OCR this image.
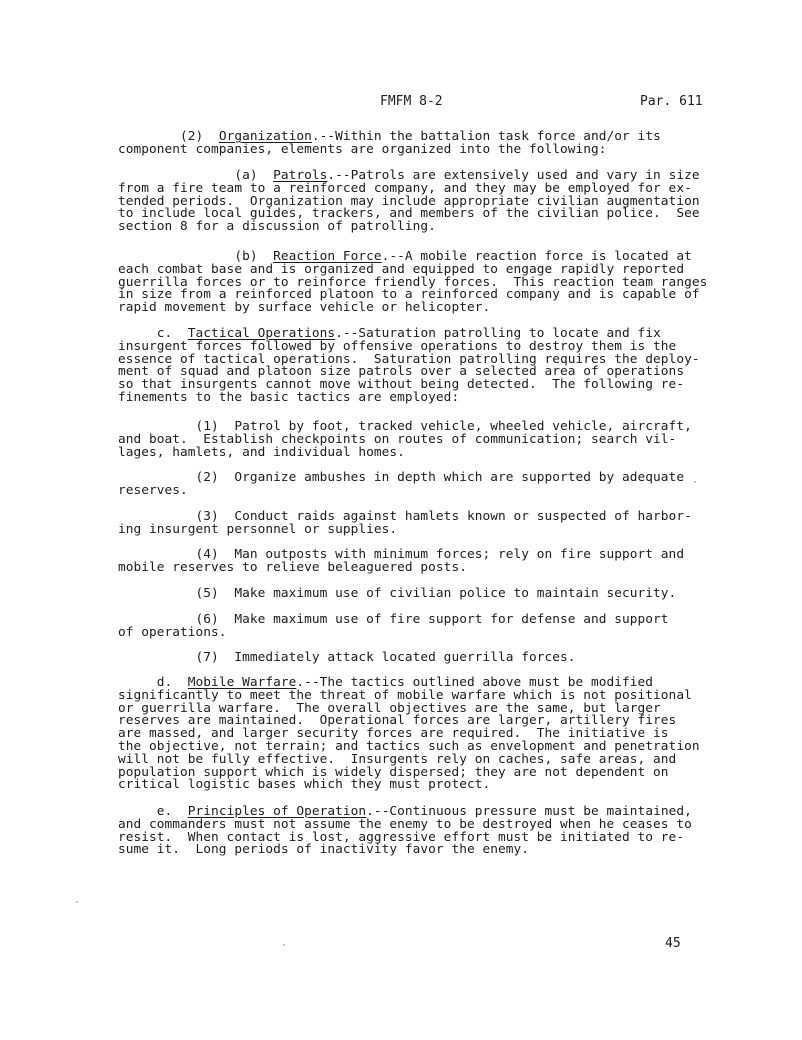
FMFM 8-2	Par. 611
(2)  Organization.--Within the battalion task force and/or its
component companies, elements are organized into the following:
(a)  Patrols.--Patrols are extensively used and vary in size
from a fire team to a reinforced company, and they may be employed for ex-
tended periods.  Organization may include appropriate civilian augmentation
to include local guides, trackers, and members of the civilian police.  See
section 8 for a discussion of patrolling.
(b)  Reaction Force.--A mobile reaction force is located at
each combat base and is organized and equipped to engage rapidly reported
guerrilla forces or to reinforce friendly forces.  This reaction team ranges
in size from a reinforced platoon to a reinforced company and is capable of
rapid movement by surface vehicle or helicopter.
c.  Tactical Operations.--Saturation patrolling to locate and fix
insurgent forces followed by offensive operations to destroy them is the
essence of tactical operations.  Saturation patrolling requires the deploy-
ment of squad and platoon size patrols over a selected area of operations
so that insurgents cannot move without being detected.  The following re-
finements to the basic tactics are employed:
(1)  Patrol by foot, tracked vehicle, wheeled vehicle, aircraft,
and boat.  Establish checkpoints on routes of communication; search vil-
lages, hamlets, and individual homes.
(2)  Organize ambushes in depth which are supported by adequate
reserves.
(3)  Conduct raids against hamlets known or suspected of harbor-
ing insurgent personnel or supplies.
(4)  Man outposts with minimum forces; rely on fire support and
mobile reserves to relieve beleaguered posts.
(5)  Make maximum use of civilian police to maintain security.
(6)  Make maximum use of fire support for defense and support
of operations.
(7)  Immediately attack located guerrilla forces.
d.  Mobile Warfare.--The tactics outlined above must be modified
significantly to meet the threat of mobile warfare which is not positional
or guerrilla warfare.  The overall objectives are the same, but larger
reserves are maintained.  Operational forces are larger, artillery fires
are massed, and larger security forces are required.  The initiative is
the objective, not terrain; and tactics such as envelopment and penetration
will not be fully effective.  Insurgents rely on caches, safe areas, and
population support which is widely dispersed; they are not dependent on
critical logistic bases which they must protect.
e.  Principles of Operation.--Continuous pressure must be maintained,
and commanders must not assume the enemy to be destroyed when he ceases to
resist.  When contact is lost, aggressive effort must be initiated to re-
sume it.  Long periods of inactivity favor the enemy.
45
